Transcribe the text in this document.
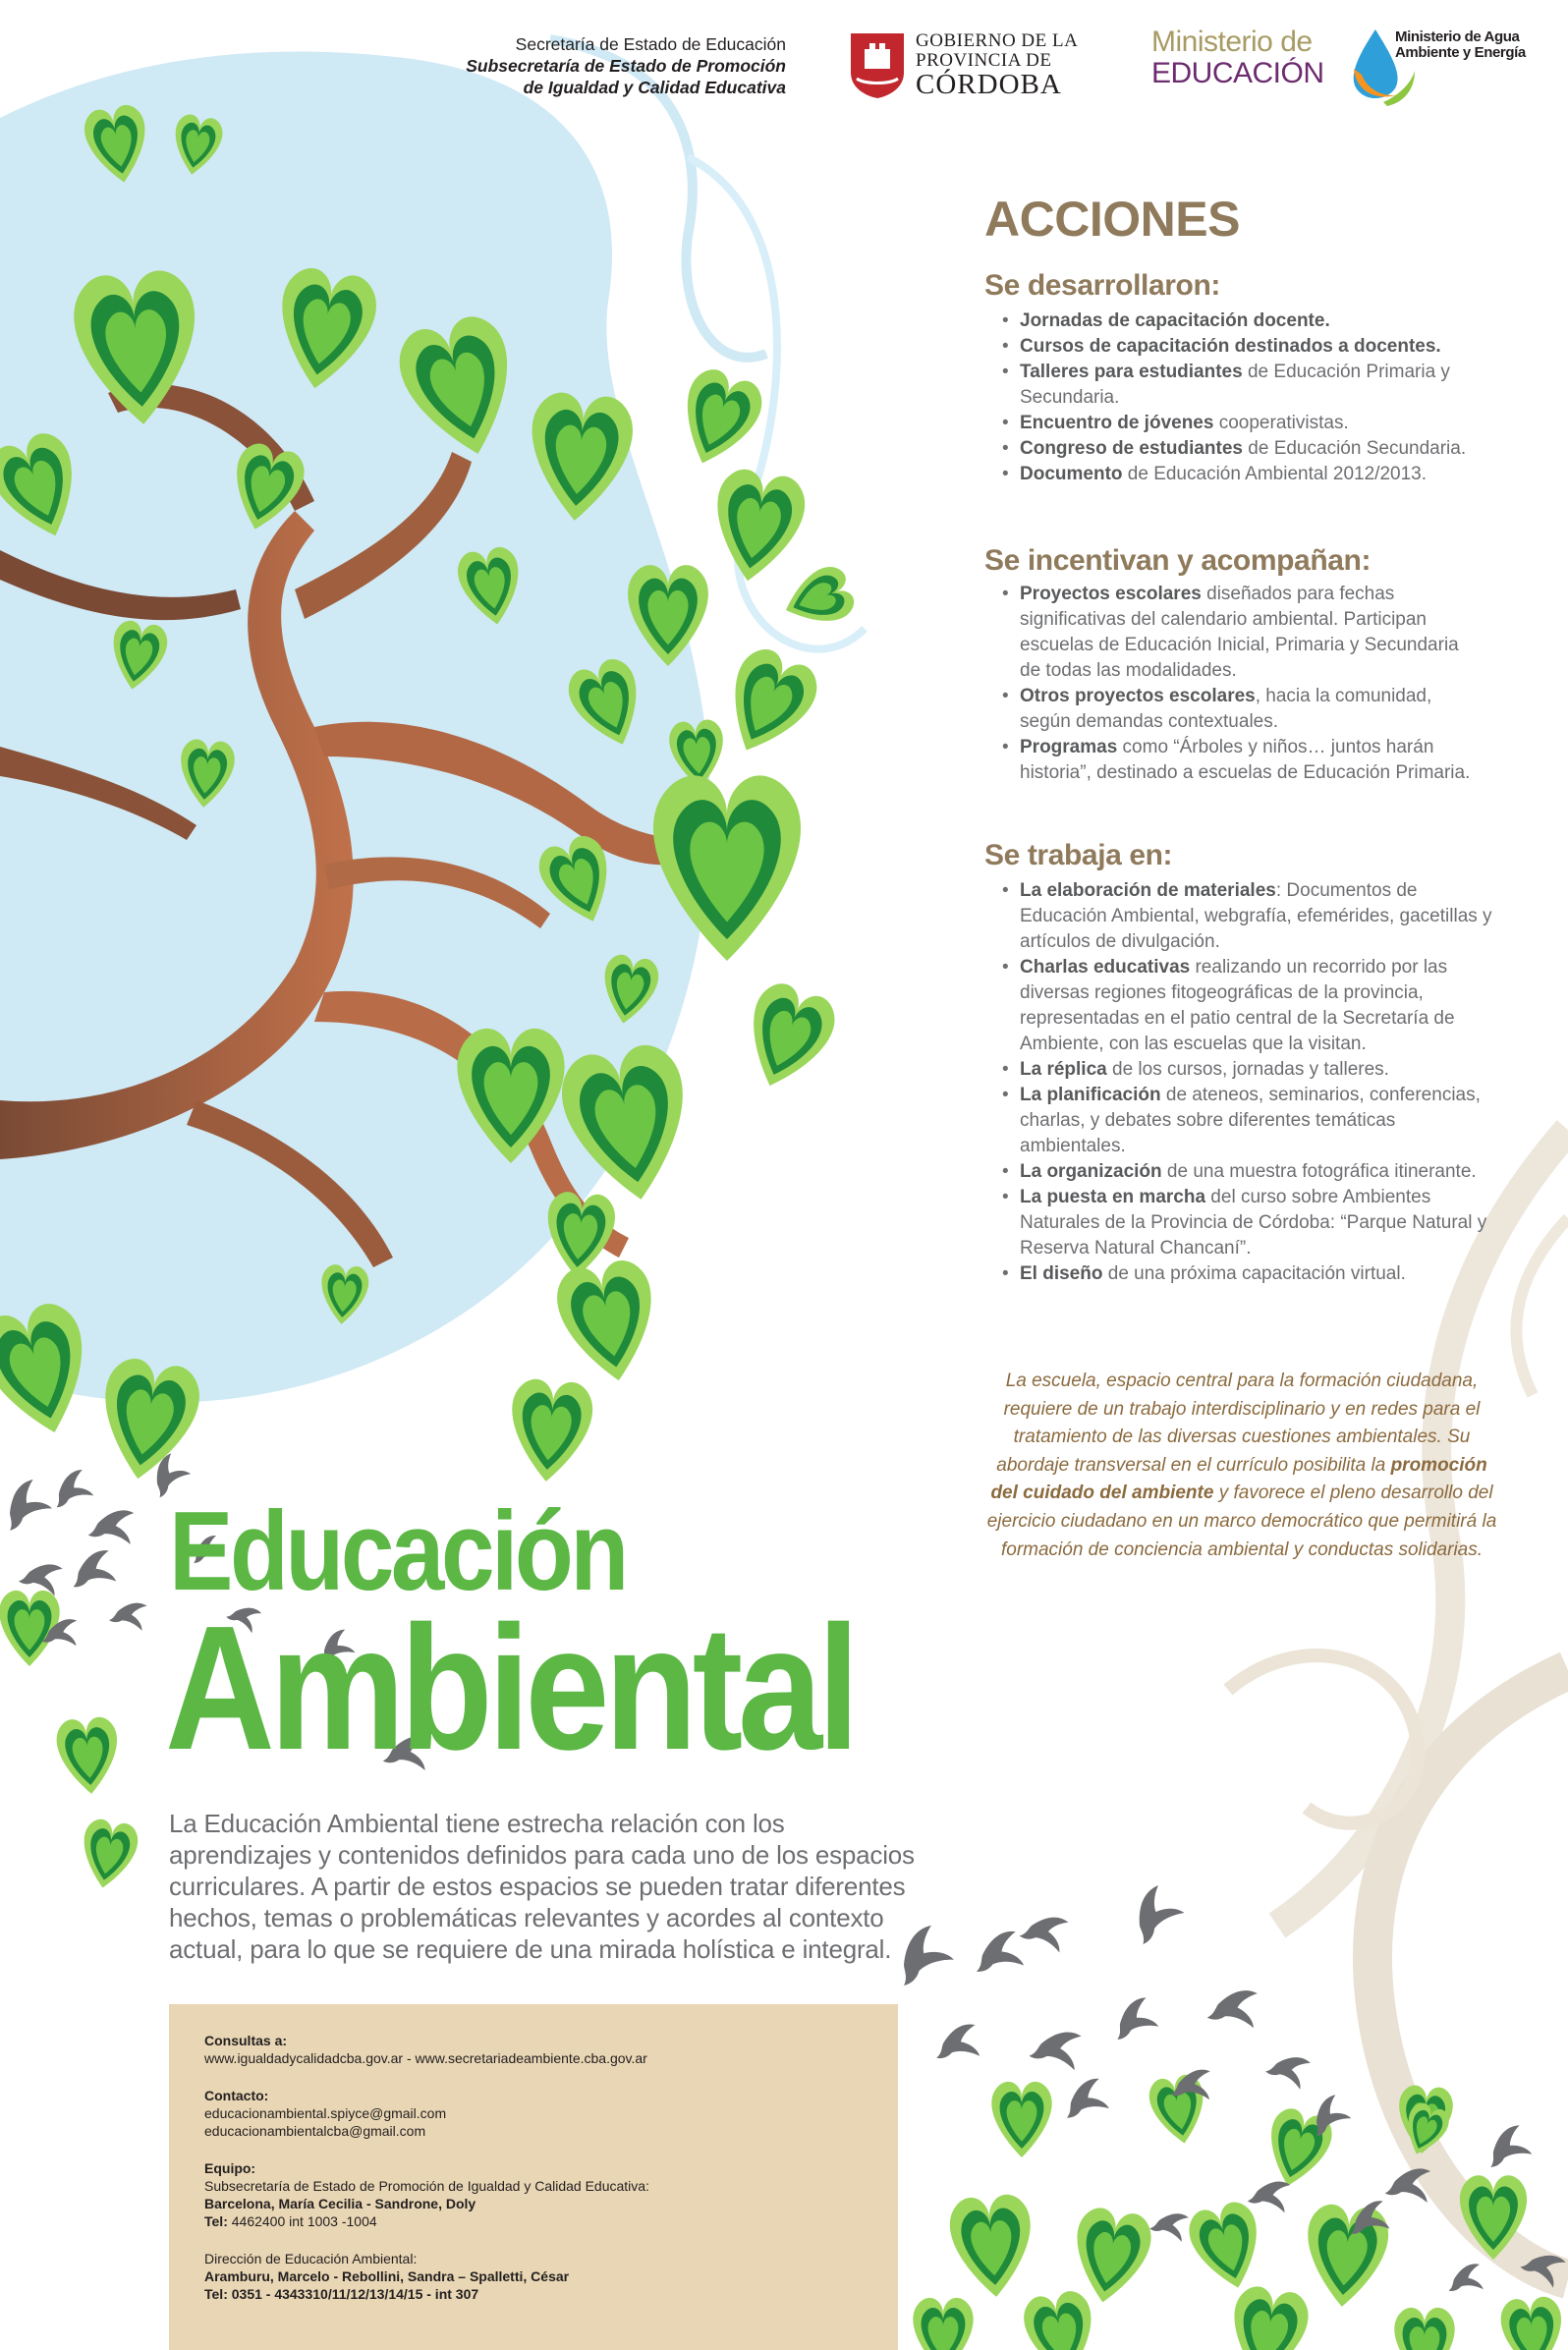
Secretaría de Estado de Educación
Subsecretaría de Estado de Promoción
de Igualdad y Calidad Educativa
GOBIERNO DE LA
PROVINCIA DE
CÓRDOBA
Ministerio de
EDUCACIÓN
Ministerio de Agua
Ambiente y Energía
ACCIONES
Se desarrollaron:
• Jornadas de capacitación docente.
• Cursos de capacitación destinados a docentes.
• Talleres para estudiantes de Educación Primaria y Secundaria.
• Encuentro de jóvenes cooperativistas.
• Congreso de estudiantes de Educación Secundaria.
• Documento de Educación Ambiental 2012/2013.
Se incentivan y acompañan:
• Proyectos escolares diseñados para fechas significativas del calendario ambiental. Participan escuelas de Educación Inicial, Primaria y Secundaria de todas las modalidades.
• Otros proyectos escolares, hacia la comunidad, según demandas contextuales.
• Programas como “Árboles y niños… juntos harán historia”, destinado a escuelas de Educación Primaria.
Se trabaja en:
• La elaboración de materiales: Documentos de Educación Ambiental, webgrafía, efemérides, gacetillas y artículos de divulgación.
• Charlas educativas realizando un recorrido por las diversas regiones fitogeográficas de la provincia, representadas en el patio central de la Secretaría de Ambiente, con las escuelas que la visitan.
• La réplica de los cursos, jornadas y talleres.
• La planificación de ateneos, seminarios, conferencias, charlas, y debates sobre diferentes temáticas ambientales.
• La organización de una muestra fotográfica itinerante.
• La puesta en marcha del curso sobre Ambientes Naturales de la Provincia de Córdoba: “Parque Natural y Reserva Natural Chancaní”.
• El diseño de una próxima capacitación virtual.
La escuela, espacio central para la formación ciudadana, requiere de un trabajo interdisciplinario y en redes para el tratamiento de las diversas cuestiones ambientales. Su abordaje transversal en el currículo posibilita la promoción del cuidado del ambiente y favorece el pleno desarrollo del ejercicio ciudadano en un marco democrático que permitirá la formación de conciencia ambiental y conductas solidarias.
Educación
Ambiental
La Educación Ambiental tiene estrecha relación con los aprendizajes y contenidos definidos para cada uno de los espacios curriculares. A partir de estos espacios se pueden tratar diferentes hechos, temas o problemáticas relevantes y acordes al contexto actual, para lo que se requiere de una mirada holística e integral.
Consultas a:
www.igualdadycalidadcba.gov.ar - www.secretariadeambiente.cba.gov.ar
Contacto:
educacionambiental.spiyce@gmail.com
educacionambientalcba@gmail.com
Equipo:
Subsecretaría de Estado de Promoción de Igualdad y Calidad Educativa:
Barcelona, María Cecilia - Sandrone, Doly
Tel: 4462400 int 1003 -1004
Dirección de Educación Ambiental:
Aramburu, Marcelo - Rebollini, Sandra – Spalletti, César
Tel: 0351 - 4343310/11/12/13/14/15 - int 307
